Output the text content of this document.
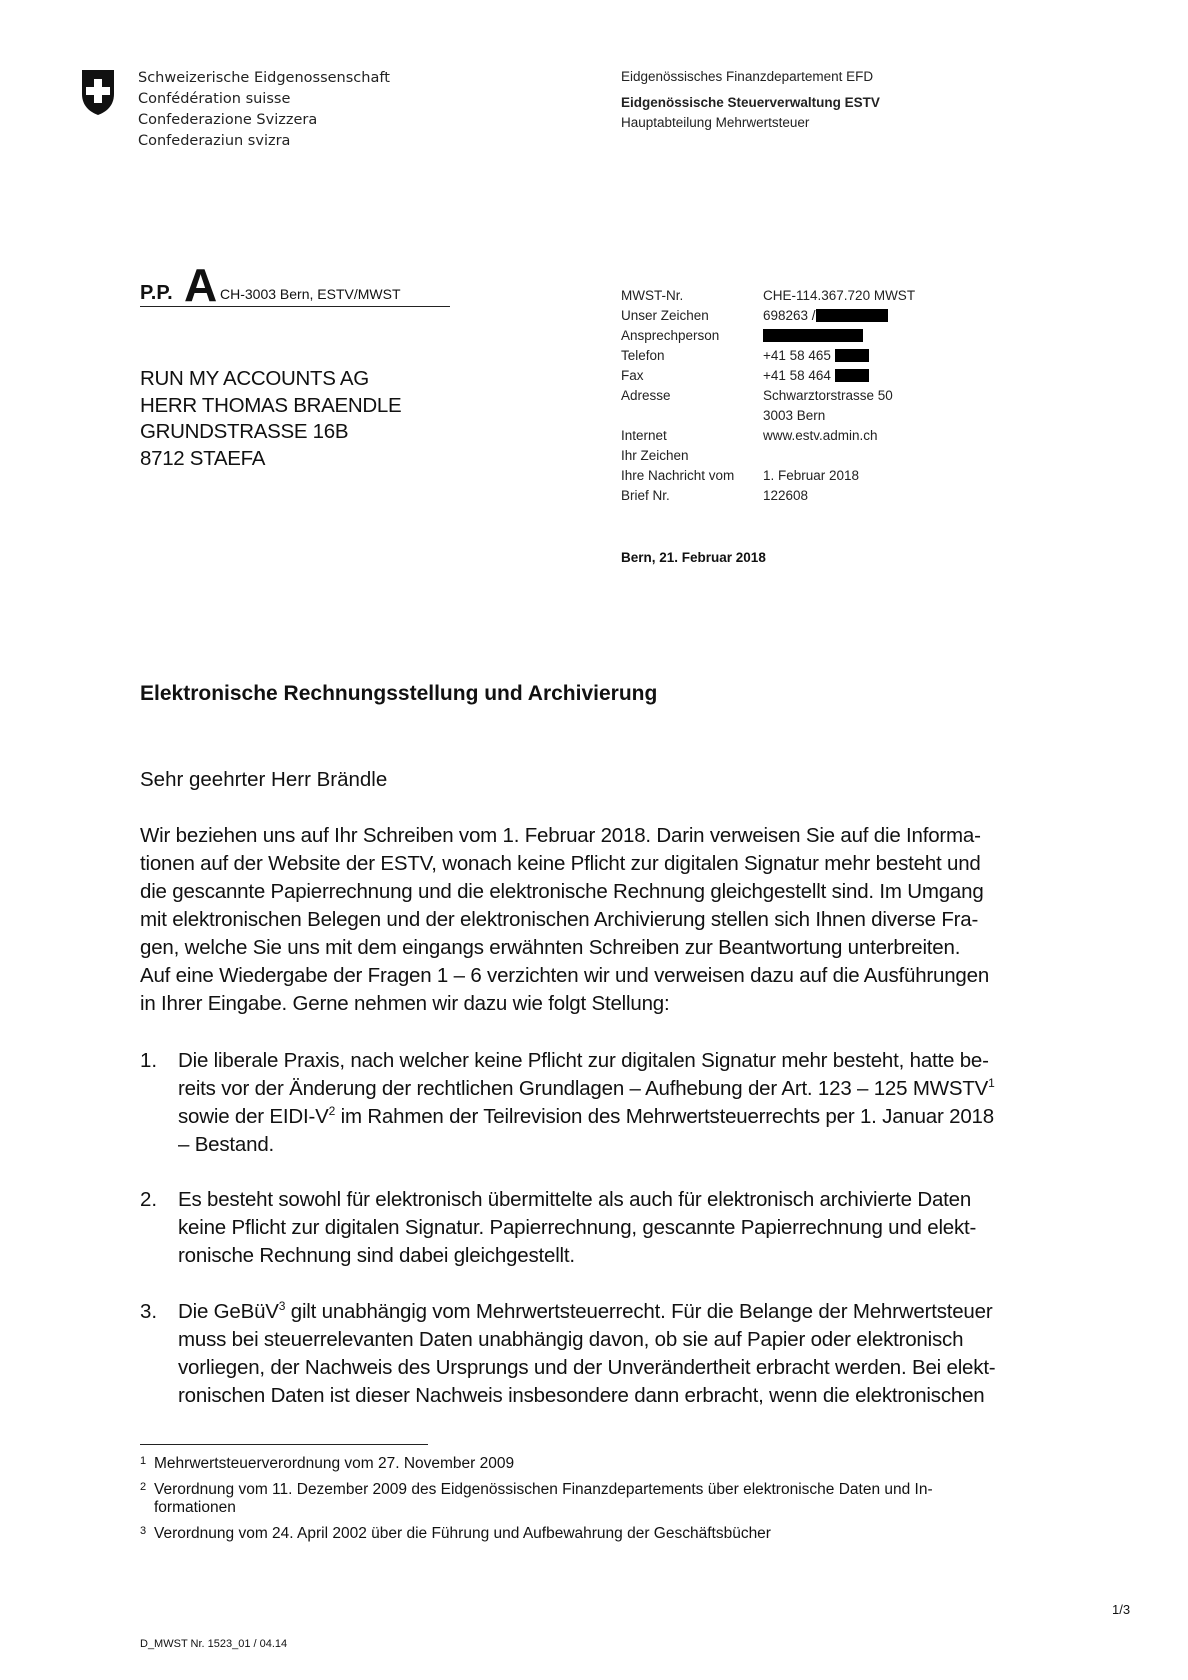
Schweizerische Eidgenossenschaft
Confédération suisse
Confederazione Svizzera
Confederaziun svizra
Eidgenössisches Finanzdepartement EFD
Eidgenössische Steuerverwaltung ESTV
Hauptabteilung Mehrwertsteuer
P.P. A CH-3003 Bern, ESTV/MWST
RUN MY ACCOUNTS AG
HERR THOMAS BRAENDLE
GRUNDSTRASSE 16B
8712 STAEFA
MWST-Nr.	CHE-114.367.720 MWST
Unser Zeichen	698263 /
Ansprechperson
Telefon	+41 58 465
Fax	+41 58 464
Adresse	Schwarztorstrasse 50
3003 Bern
Internet	www.estv.admin.ch
Ihr Zeichen
Ihre Nachricht vom	1. Februar 2018
Brief Nr.	122608
Bern, 21. Februar 2018
Elektronische Rechnungsstellung und Archivierung
Sehr geehrter Herr Brändle
Wir beziehen uns auf Ihr Schreiben vom 1. Februar 2018. Darin verweisen Sie auf die Informa-
tionen auf der Website der ESTV, wonach keine Pflicht zur digitalen Signatur mehr besteht und
die gescannte Papierrechnung und die elektronische Rechnung gleichgestellt sind. Im Umgang
mit elektronischen Belegen und der elektronischen Archivierung stellen sich Ihnen diverse Fra-
gen, welche Sie uns mit dem eingangs erwähnten Schreiben zur Beantwortung unterbreiten.
Auf eine Wiedergabe der Fragen 1 – 6 verzichten wir und verweisen dazu auf die Ausführungen
in Ihrer Eingabe. Gerne nehmen wir dazu wie folgt Stellung:
1. Die liberale Praxis, nach welcher keine Pflicht zur digitalen Signatur mehr besteht, hatte be-
reits vor der Änderung der rechtlichen Grundlagen – Aufhebung der Art. 123 – 125 MWSTV$^1$
sowie der EIDI-$V^2$ im Rahmen der Teilrevision des Mehrwertsteuerrechts per 1. Januar 2018
– Bestand.
2. Es besteht sowohl für elektronisch übermittelte als auch für elektronisch archivierte Daten
keine Pflicht zur digitalen Signatur. Papierrechnung, gescannte Papierrechnung und elekt-
ronische Rechnung sind dabei gleichgestellt.
3. Die GeBüV$^3$ gilt unabhängig vom Mehrwertsteuerrecht. Für die Belange der Mehrwertsteuer
muss bei steuerrelevanten Daten unabhängig davon, ob sie auf Papier oder elektronisch
vorliegen, der Nachweis des Ursprungs und der Unverändertheit erbracht werden. Bei elekt-
ronischen Daten ist dieser Nachweis insbesondere dann erbracht, wenn die elektronischen
1 Mehrwertsteuerverordnung vom 27. November 2009
2 Verordnung vom 11. Dezember 2009 des Eidgenössischen Finanzdepartements über elektronische Daten und In-
formationen
3 Verordnung vom 24. April 2002 über die Führung und Aufbewahrung der Geschäftsbücher
1/3
D_MWST Nr. 1523_01 / 04.14
